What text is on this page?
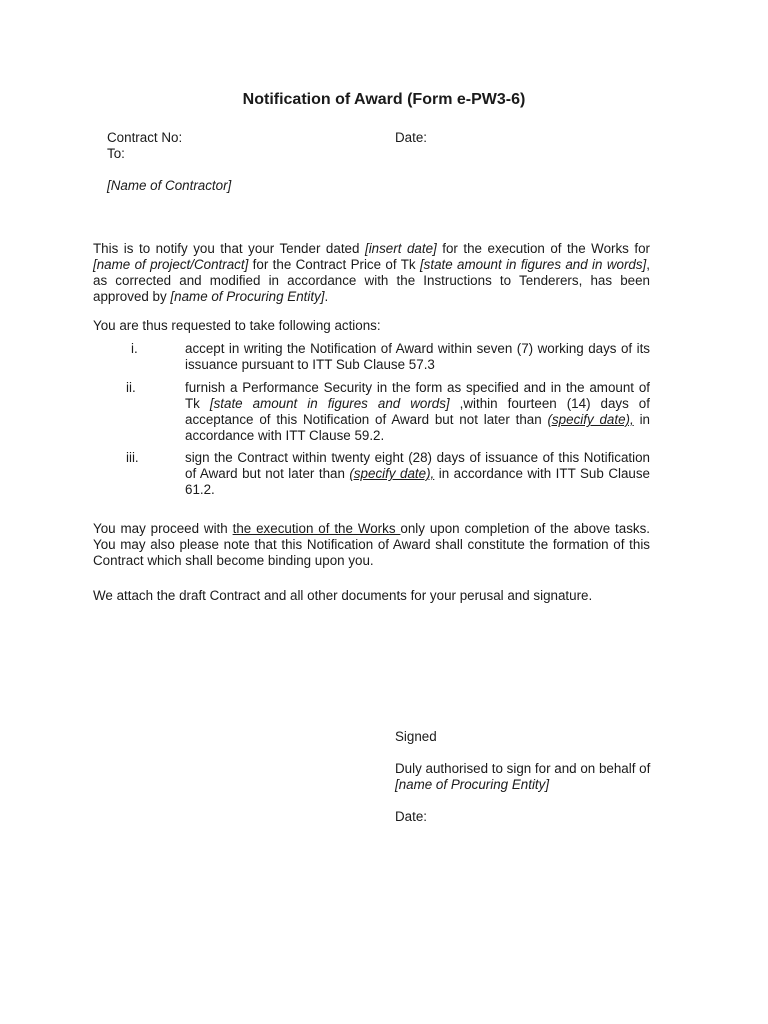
Notification of Award (Form e-PW3-6)
Contract No:	Date:
To:
[Name of Contractor]
This is to notify you that your Tender dated [insert date] for the execution of the Works for [name of project/Contract] for the Contract Price of Tk [state amount in figures and in words], as corrected and modified in accordance with the Instructions to Tenderers, has been approved by [name of Procuring Entity].
You are thus requested to take following actions:
i.	accept in writing the Notification of Award within seven (7) working days of its issuance pursuant to ITT Sub Clause 57.3
ii.	furnish a Performance Security in the form as specified and in the amount of Tk [state amount in figures and words] ,within fourteen (14) days of acceptance of this Notification of Award but not later than (specify date), in accordance with ITT Clause 59.2.
iii.	sign the Contract within twenty eight (28) days of issuance of this Notification of Award but not later than (specify date), in accordance with ITT Sub Clause 61.2.
You may proceed with the execution of the Works only upon completion of the above tasks. You may also please note that this Notification of Award shall constitute the formation of this Contract which shall become binding upon you.
We attach the draft Contract and all other documents for your perusal and signature.
Signed
Duly authorised to sign for and on behalf of
[name of Procuring Entity]
Date:
